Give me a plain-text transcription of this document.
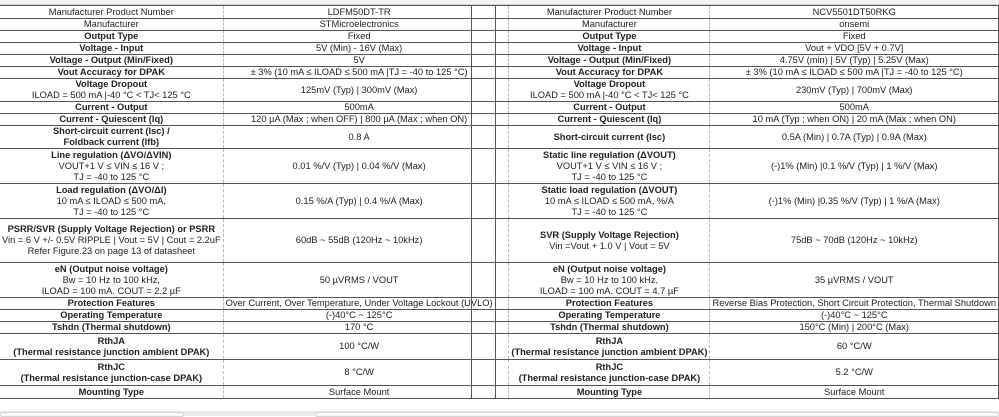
Manufacturer Product Number	LDFM50DT-TR

Manufacturer	STMicroelectronics

Output Type	Fixed

Voltage - Input	5V (Min) - 16V (Max)

Voltage - Output (Min/Fixed)	5V

Vout Accuracy for DPAK	± 3% (10 mA ≤ ILOAD ≤ 500 mA |TJ = -40 to 125 °C)

Voltage Dropout
ILOAD = 500 mA |-40 °C < TJ< 125 °C	125mV (Typ) | 300mV (Max)

Current - Output	500mA

Current - Quiescent (Iq)	120 µA (Max ; when OFF) | 800 µA (Max ; when ON)

Short-circuit current (Isc) /
Foldback current (Ifb)	0.8 A

Line regulation (ΔVO/ΔVIN)
VOUT+1 V ≤ VIN ≤ 16 V ;
TJ = -40 to 125 °C	0.01 %/V (Typ) | 0.04 %/V (Max)

Load regulation (ΔVO/ΔI)
10 mA ≤ ILOAD ≤ 500 mA,
TJ = -40 to 125 °C	0.15 %/A (Typ) | 0.4 %/A (Max)

PSRR/SVR (Supply Voltage Rejection) or PSRR
Vin = 6 V +/- 0.5V RIPPLE | Vout = 5V | Cout = 2.2uF
Refer Figure.23 on page 13 of datasheet	60dB ~ 55dB (120Hz ~ 10kHz)

eN (Output noise voltage)
Bw = 10 Hz to 100 kHz,
ILOAD = 100 mA. COUT = 2.2 µF	50 µVRMS / VOUT

Protection Features	Over Current, Over Temperature, Under Voltage Lockout (UVLO)

Operating Temperature	(-)40°C ~ 125°C

Tshdn (Thermal shutdown)	170 °C

RthJA
(Thermal resistance junction ambient DPAK)	100 °C/W

RthJC
(Thermal resistance junction-case DPAK)	8 °C/W

Mounting Type	Surface Mount

	Manufacturer Product Number	NCV5501DT50RKG

	Manufacturer	onsemi

	Output Type	Fixed

	Voltage - Input	Vout + VDO [5V + 0.7V]

	Voltage - Output (Min/Fixed)	4.75V (min) | 5V (Typ) | 5.25V (Max)

	Vout Accuracy for DPAK	± 3% (10 mA ≤ ILOAD ≤ 500 mA |TJ = -40 to 125 °C)

	Voltage Dropout
ILOAD = 500 mA |-40 °C < TJ< 125 °C	230mV (Typ) | 700mV (Max)

	Current - Output	500mA

	Current - Quiescent (Iq)	10 mA (Typ ; when ON) | 20 mA (Max ; when ON)

	Short-circuit current (Isc)	0.5A (Min) | 0.7A (Typ) | 0.9A (Max)

	Static line regulation (ΔVOUT)
VOUT+1 V ≤ VIN ≤ 16 V ;
TJ = -40 to 125 °C	(-)1% (Min) |0.1 %/V (Typ) | 1 %/V (Max)

	Static load regulation (ΔVOUT)
10 mA ≤ ILOAD ≤ 500 mA, %/A
TJ = -40 to 125 °C	(-)1% (Min) |0.35 %/V (Typ) | 1 %/A (Max)

	SVR (Supply Voltage Rejection)
Vin =Vout + 1.0 V | Vout = 5V	75dB ~ 70dB (120Hz ~ 10kHz)

	eN (Output noise voltage)
Bw = 10 Hz to 100 kHz,
ILOAD = 100 mA. COUT = 4.7 µF	35 µVRMS / VOUT

	Protection Features	Reverse Bias Protection, Short Circuit Protection, Thermal Shutdown

	Operating Temperature	(-)40°C ~ 125°C

	Tshdn (Thermal shutdown)	150°C (Min) | 200°C (Max)

	RthJA
(Thermal resistance junction ambient DPAK)	60 °C/W

	RthJC
(Thermal resistance junction-case DPAK)	5.2 °C/W

	Mounting Type	Surface Mount
